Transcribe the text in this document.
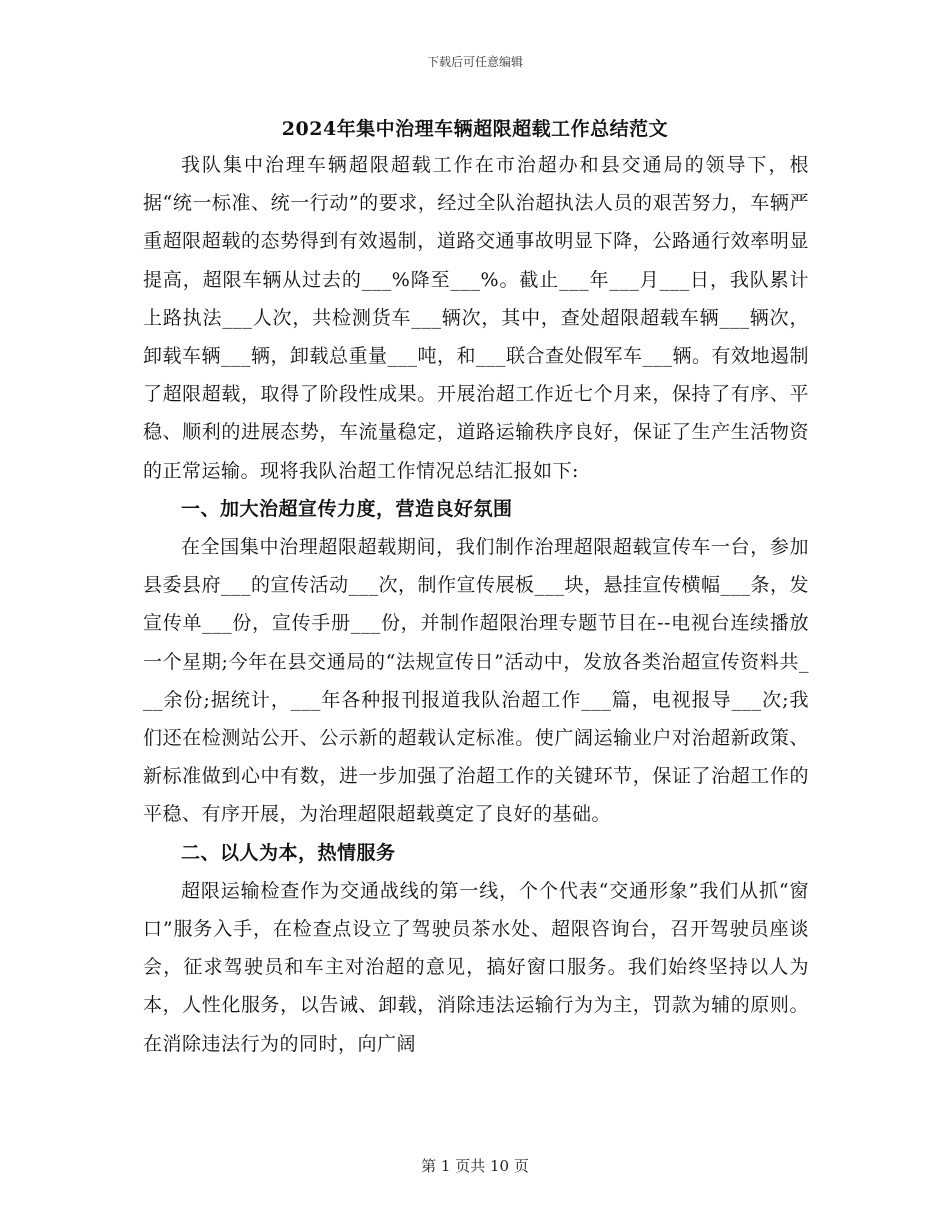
下载后可任意编辑
2024年集中治理车辆超限超载工作总结范文

我队集中治理车辆超限超载工作在市治超办和县交通局的领导下，根据“统一标准、统一行动”的要求，经过全队治超执法人员的艰苦努力，车辆严重超限超载的态势得到有效遏制，道路交通事故明显下降，公路通行效率明显提高，超限车辆从过去的___%降至___%。截止___年___月___日，我队累计上路执法___人次，共检测货车___辆次，其中，查处超限超载车辆___辆次，卸载车辆___辆，卸载总重量___吨，和___联合查处假军车___辆。有效地遏制了超限超载，取得了阶段性成果。开展治超工作近七个月来，保持了有序、平稳、顺利的进展态势，车流量稳定，道路运输秩序良好，保证了生产生活物资的正常运输。现将我队治超工作情况总结汇报如下:

一、加大治超宣传力度，营造良好氛围

在全国集中治理超限超载期间，我们制作治理超限超载宣传车一台，参加县委县府___的宣传活动___次，制作宣传展板___块，悬挂宣传横幅___条，发宣传单___份，宣传手册___份，并制作超限治理专题节目在--电视台连续播放一个星期;今年在县交通局的“法规宣传日”活动中，发放各类治超宣传资料共___余份;据统计，___年各种报刊报道我队治超工作___篇，电视报导___次;我们还在检测站公开、公示新的超载认定标准。使广阔运输业户对治超新政策、新标准做到心中有数，进一步加强了治超工作的关键环节，保证了治超工作的平稳、有序开展，为治理超限超载奠定了良好的基础。

二、以人为本，热情服务

超限运输检查作为交通战线的第一线，个个代表“交通形象”我们从抓“窗口”服务入手，在检查点设立了驾驶员茶水处、超限咨询台，召开驾驶员座谈会，征求驾驶员和车主对治超的意见，搞好窗口服务。我们始终坚持以人为本，人性化服务，以告诫、卸载，消除违法运输行为为主，罚款为辅的原则。在消除违法行为的同时，向广阔

第 1 页共 10 页
